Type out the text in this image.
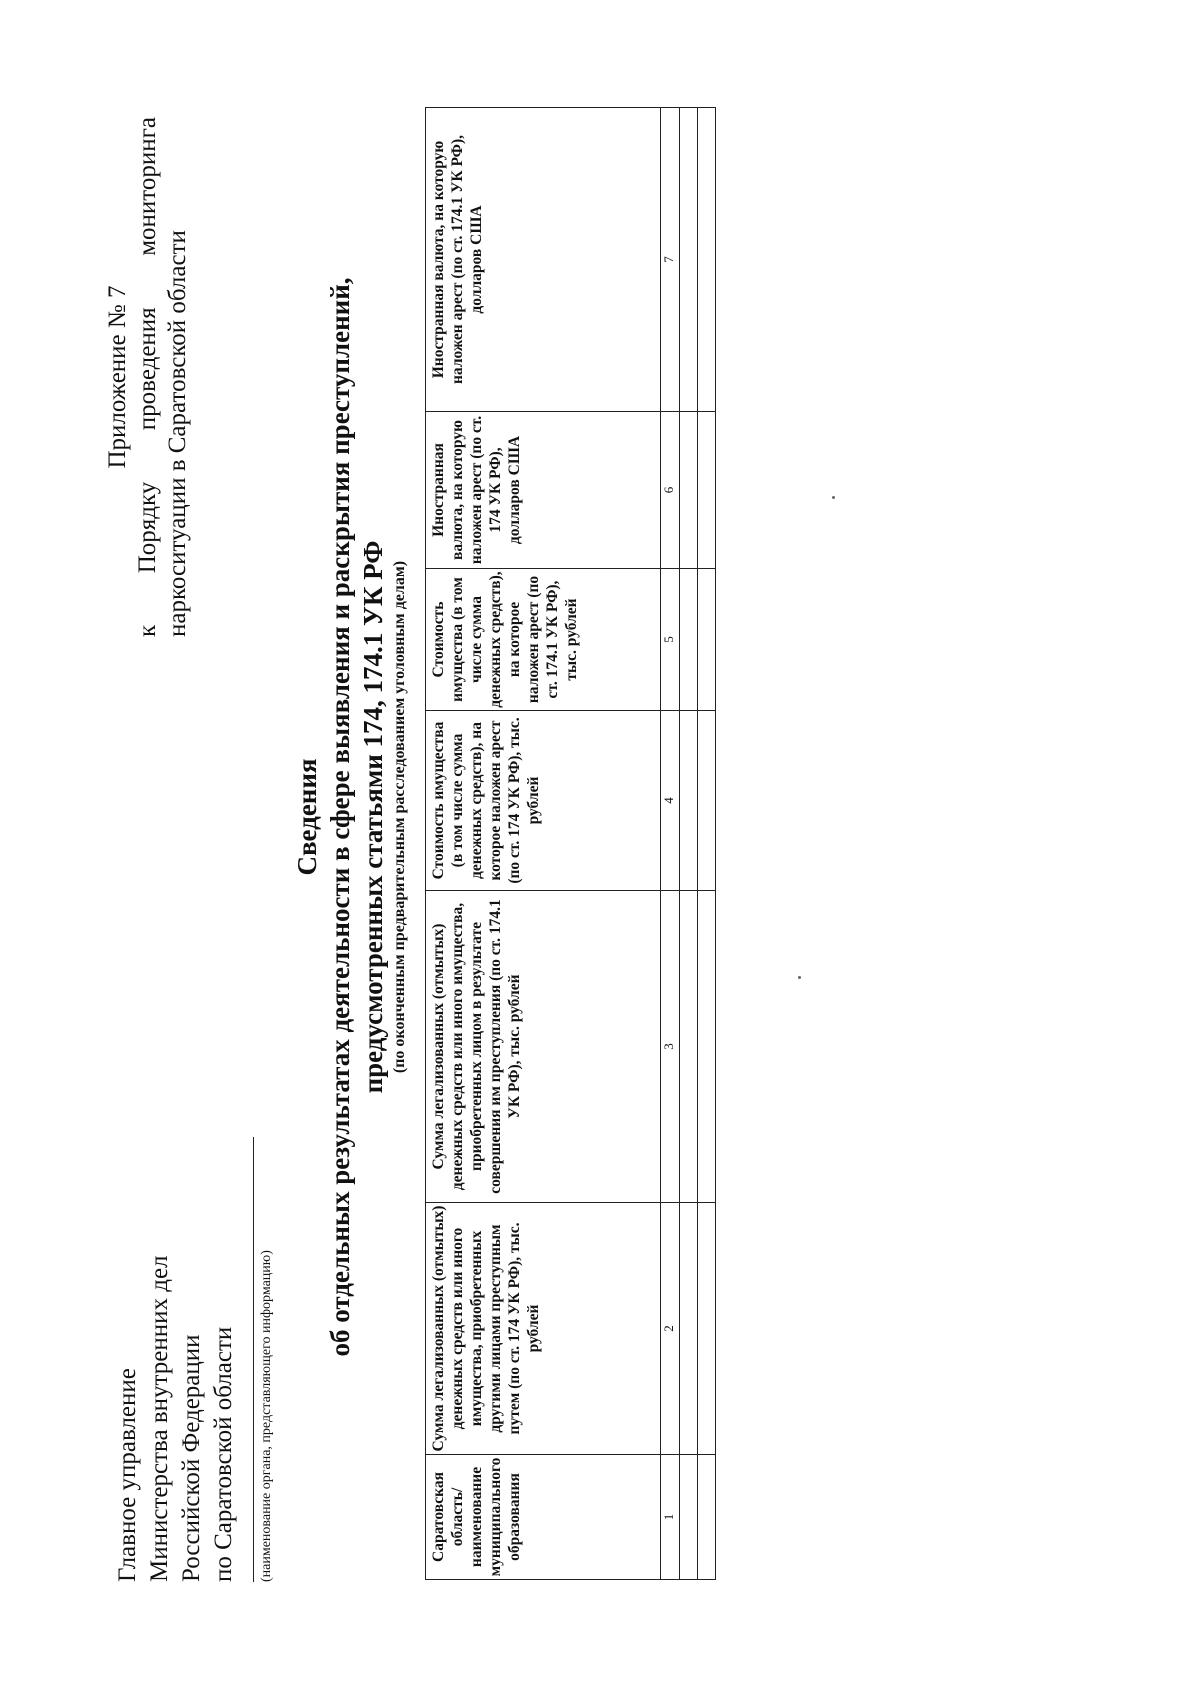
Главное управление Министерства внутренних дел Российской Федерации по Саратовской области (наименование органа, представляющего информацию)
Приложение № 7 к Порядку проведения мониторинга наркоситуации в Саратовской области
Сведения об отдельных результатах деятельности в сфере выявления и раскрытия преступлений, предусмотренных статьями 174, 174.1 УК РФ (по оконченным предварительным расследованием уголовным делам)
Саратовская область/ наименование муниципального образования	Сумма легализованных (отмытых) денежных средств или иного имущества, приобретенных другими лицами преступным путем (по ст. 174 УК РФ), тыс. рублей	Сумма легализованных (отмытых) денежных средств или иного имущества, приобретенных лицом в результате совершения им преступления (по ст. 174.1 УК РФ), тыс. рублей	Стоимость имущества (в том числе сумма денежных средств), на которое наложен арест (по ст. 174 УК РФ), тыс. рублей	Стоимость имущества (в том числе сумма денежных средств), на которое наложен арест (по ст. 174.1 УК РФ), тыс. рублей	Иностранная валюта, на которую наложен арест (по ст. 174 УК РФ), долларов США	Иностранная валюта, на которую наложен арест (по ст. 174.1 УК РФ), долларов США
1	2	3	4	5	6	7
